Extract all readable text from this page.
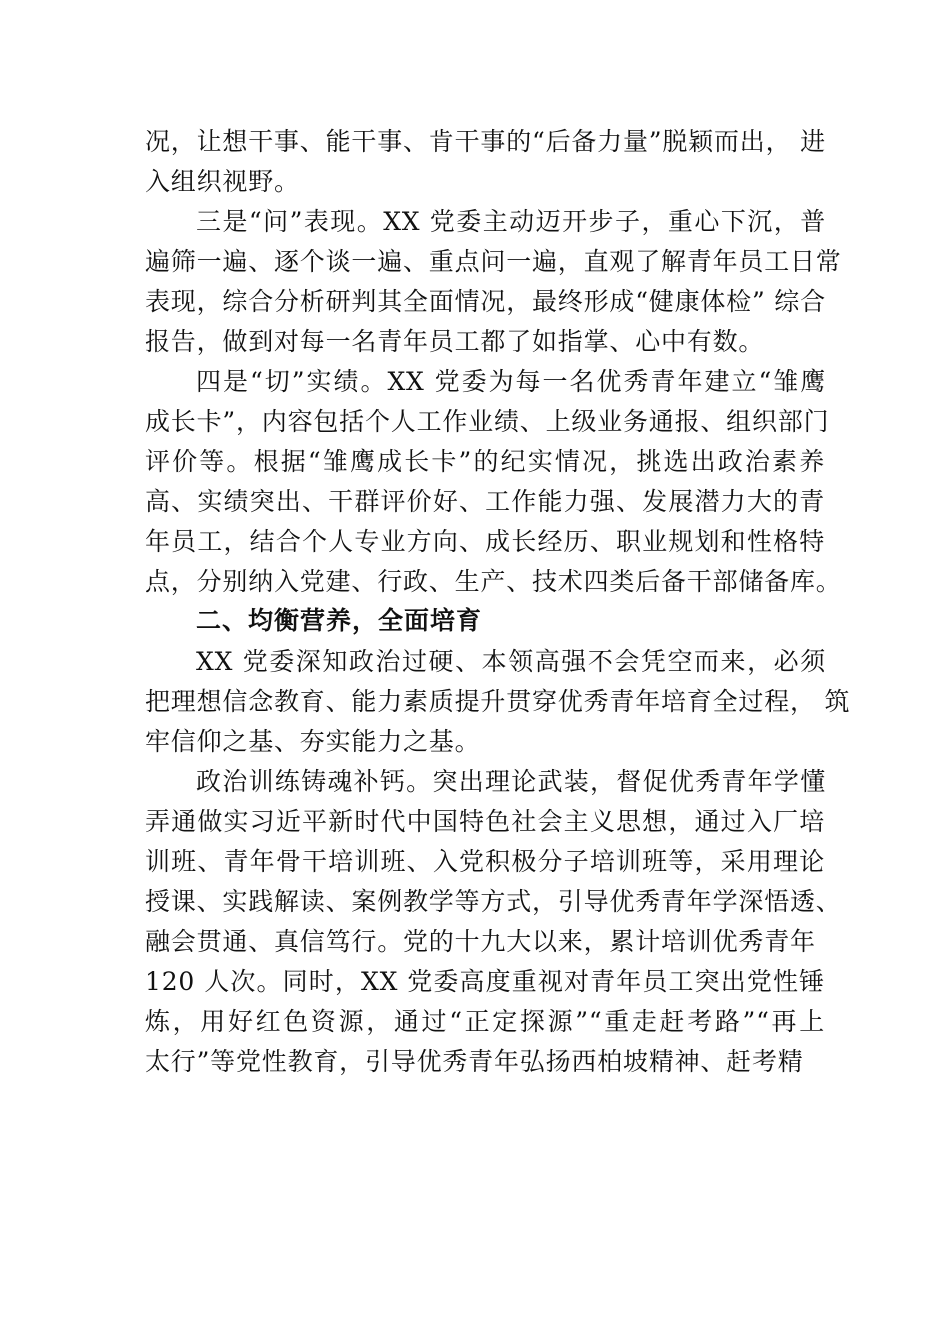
况，让想干事、能干事、肯干事的“后备力量”脱颖而出， 进
入组织视野。
三是“问”表现。XX 党委主动迈开步子，重心下沉，普
遍筛一遍、逐个谈一遍、重点问一遍，直观了解青年员工日常
表现，综合分析研判其全面情况，最终形成“健康体检” 综合
报告，做到对每一名青年员工都了如指掌、心中有数。
四是“切”实绩。XX 党委为每一名优秀青年建立“雏鹰
成长卡”，内容包括个人工作业绩、上级业务通报、组织部门
评价等。根据“雏鹰成长卡”的纪实情况，挑选出政治素养
高、实绩突出、干群评价好、工作能力强、发展潜力大的青
年员工，结合个人专业方向、成长经历、职业规划和性格特
点，分别纳入党建、行政、生产、技术四类后备干部储备库。
二、均衡营养，全面培育
XX 党委深知政治过硬、本领高强不会凭空而来，必须
把理想信念教育、能力素质提升贯穿优秀青年培育全过程， 筑
牢信仰之基、夯实能力之基。
政治训练铸魂补钙。突出理论武装，督促优秀青年学懂
弄通做实习近平新时代中国特色社会主义思想，通过入厂培
训班、青年骨干培训班、入党积极分子培训班等，采用理论
授课、实践解读、案例教学等方式，引导优秀青年学深悟透、
融会贯通、真信笃行。党的十九大以来，累计培训优秀青年
120 人次。同时，XX 党委高度重视对青年员工突出党性锤
炼，用好红色资源，通过“正定探源”“重走赶考路”“再上
太行”等党性教育，引导优秀青年弘扬西柏坡精神、赶考精
